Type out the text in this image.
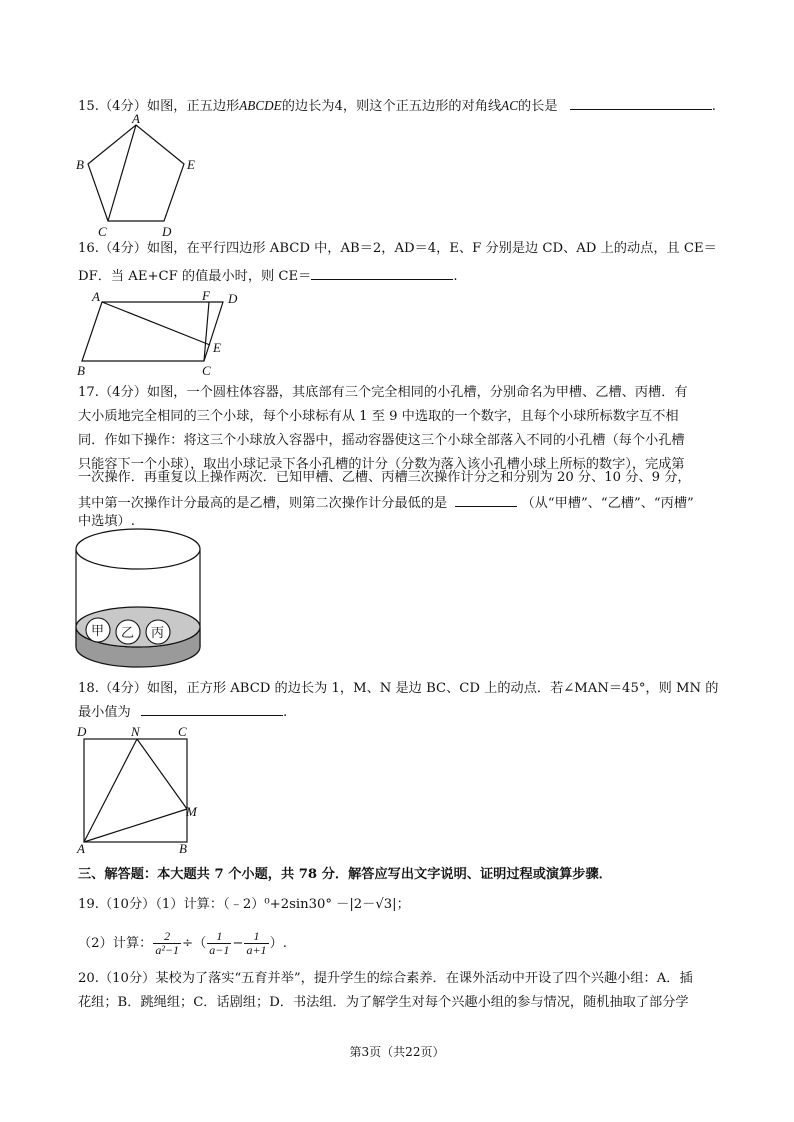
15.（4分）如图，正五边形ABCDE的边长为4，则这个正五边形的对角线AC的长是	.
A
B	E
C	D
16.（4分）如图，在平行四边形 ABCD 中，AB＝2，AD＝4，E、F 分别是边 CD、AD 上的动点，且 CE＝
DF．当 AE+CF 的值最小时，则 CE＝	.
A	F D
E
B	C
17.（4分）如图，一个圆柱体容器，其底部有三个完全相同的小孔槽，分别命名为甲槽、乙槽、丙槽．有
大小质地完全相同的三个小球，每个小球标有从 1 至 9 中选取的一个数字，且每个小球所标数字互不相
同．作如下操作：将这三个小球放入容器中，摇动容器使这三个小球全部落入不同的小孔槽（每个小孔槽
只能容下一个小球），取出小球记录下各小孔槽的计分（分数为落入该小孔槽小球上所标的数字），完成第
一次操作．再重复以上操作两次．已知甲槽、乙槽、丙槽三次操作计分之和分别为 20 分、10 分、9 分，
其中第一次操作计分最高的是乙槽，则第二次操作计分最低的是	（从“甲槽”、“乙槽”、“丙槽”
中选填）.
甲 乙 丙
18.（4分）如图，正方形 ABCD 的边长为 1，M、N 是边 BC、CD 上的动点．若∠MAN＝45°，则 MN 的
最小值为	.
D	N	C
M
A	B
三、解答题：本大题共 7 个小题，共 78 分．解答应写出文字说明、证明过程或演算步骤．
19.（10分）（1）计算：（﹣2）⁰+2sin30° －|2－√3|；
（2）计算： $\frac{2}{\text{a²−1}}$ ÷（ $\frac{1}{a-1} - \frac{1}{a+1}$ ）.
20.（10分）某校为了落实“五育并举”，提升学生的综合素养．在课外活动中开设了四个兴趣小组：A．插
花组；B．跳绳组；C．话剧组；D．书法组．为了解学生对每个兴趣小组的参与情况，随机抽取了部分学
第3页（共22页）
